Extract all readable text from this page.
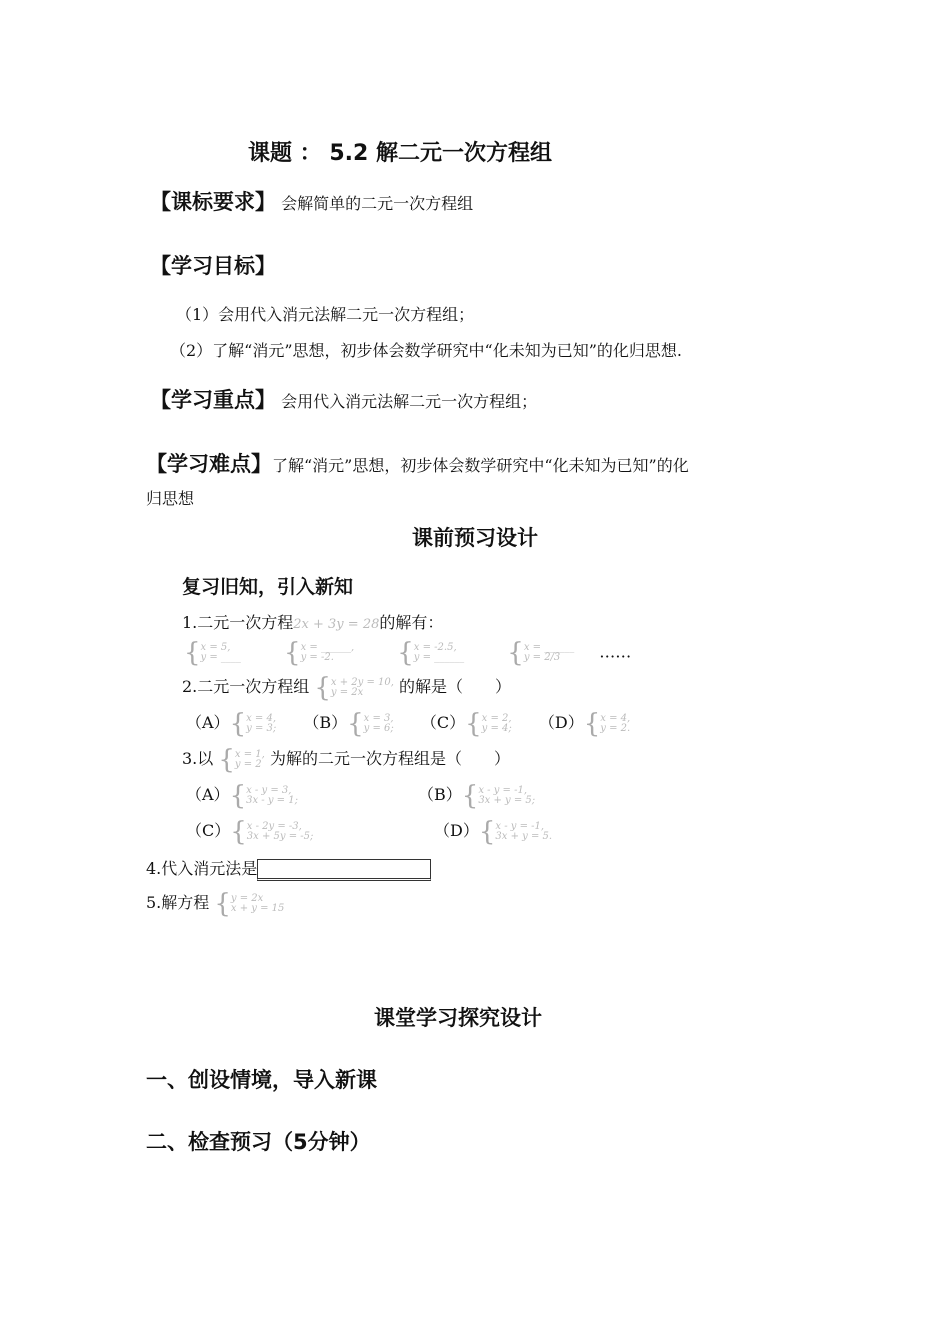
课题 ： 5.2 解二元一次方程组
【课标要求】 会解简单的二元一次方程组
【学习目标】
（1）会用代入消元法解二元一次方程组；
（2）了解“消元”思想，初步体会数学研究中“化未知为已知”的化归思想.
【学习重点】 会用代入消元法解二元一次方程组；
【学习难点】了解“消元”思想，初步体会数学研究中“化未知为已知”的化
归思想
课前预习设计
复习旧知，引入新知
1.二元一次方程2x + 3y = 28的解有：
{x = 5,
y = ____ {x = ______,
y = -2. {x = -2.5,
y = ______ {x = ______
y = 2/3 ……
2.二元一次方程组 {x + 2y = 10,
y = 2x 的解是（　　）
（A）{x = 4,
y = 3; （B）{x = 3,
y = 6; （C）{x = 2,
y = 4; （D）{x = 4,
y = 2.
3.以 {x = 1,
y = 2 为解的二元一次方程组是（　　）
（A）{x - y = 3,
3x - y = 1;	（B）{x - y = -1,
3x + y = 5;
（C）{x - 2y = -3,
3x + 5y = -5;	（D）{x - y = -1,
3x + y = 5.
4.代入消元法是
5.解方程 {y = 2x
x + y = 15
课堂学习探究设计
一、创设情境，导入新课
二、检查预习（5分钟）
